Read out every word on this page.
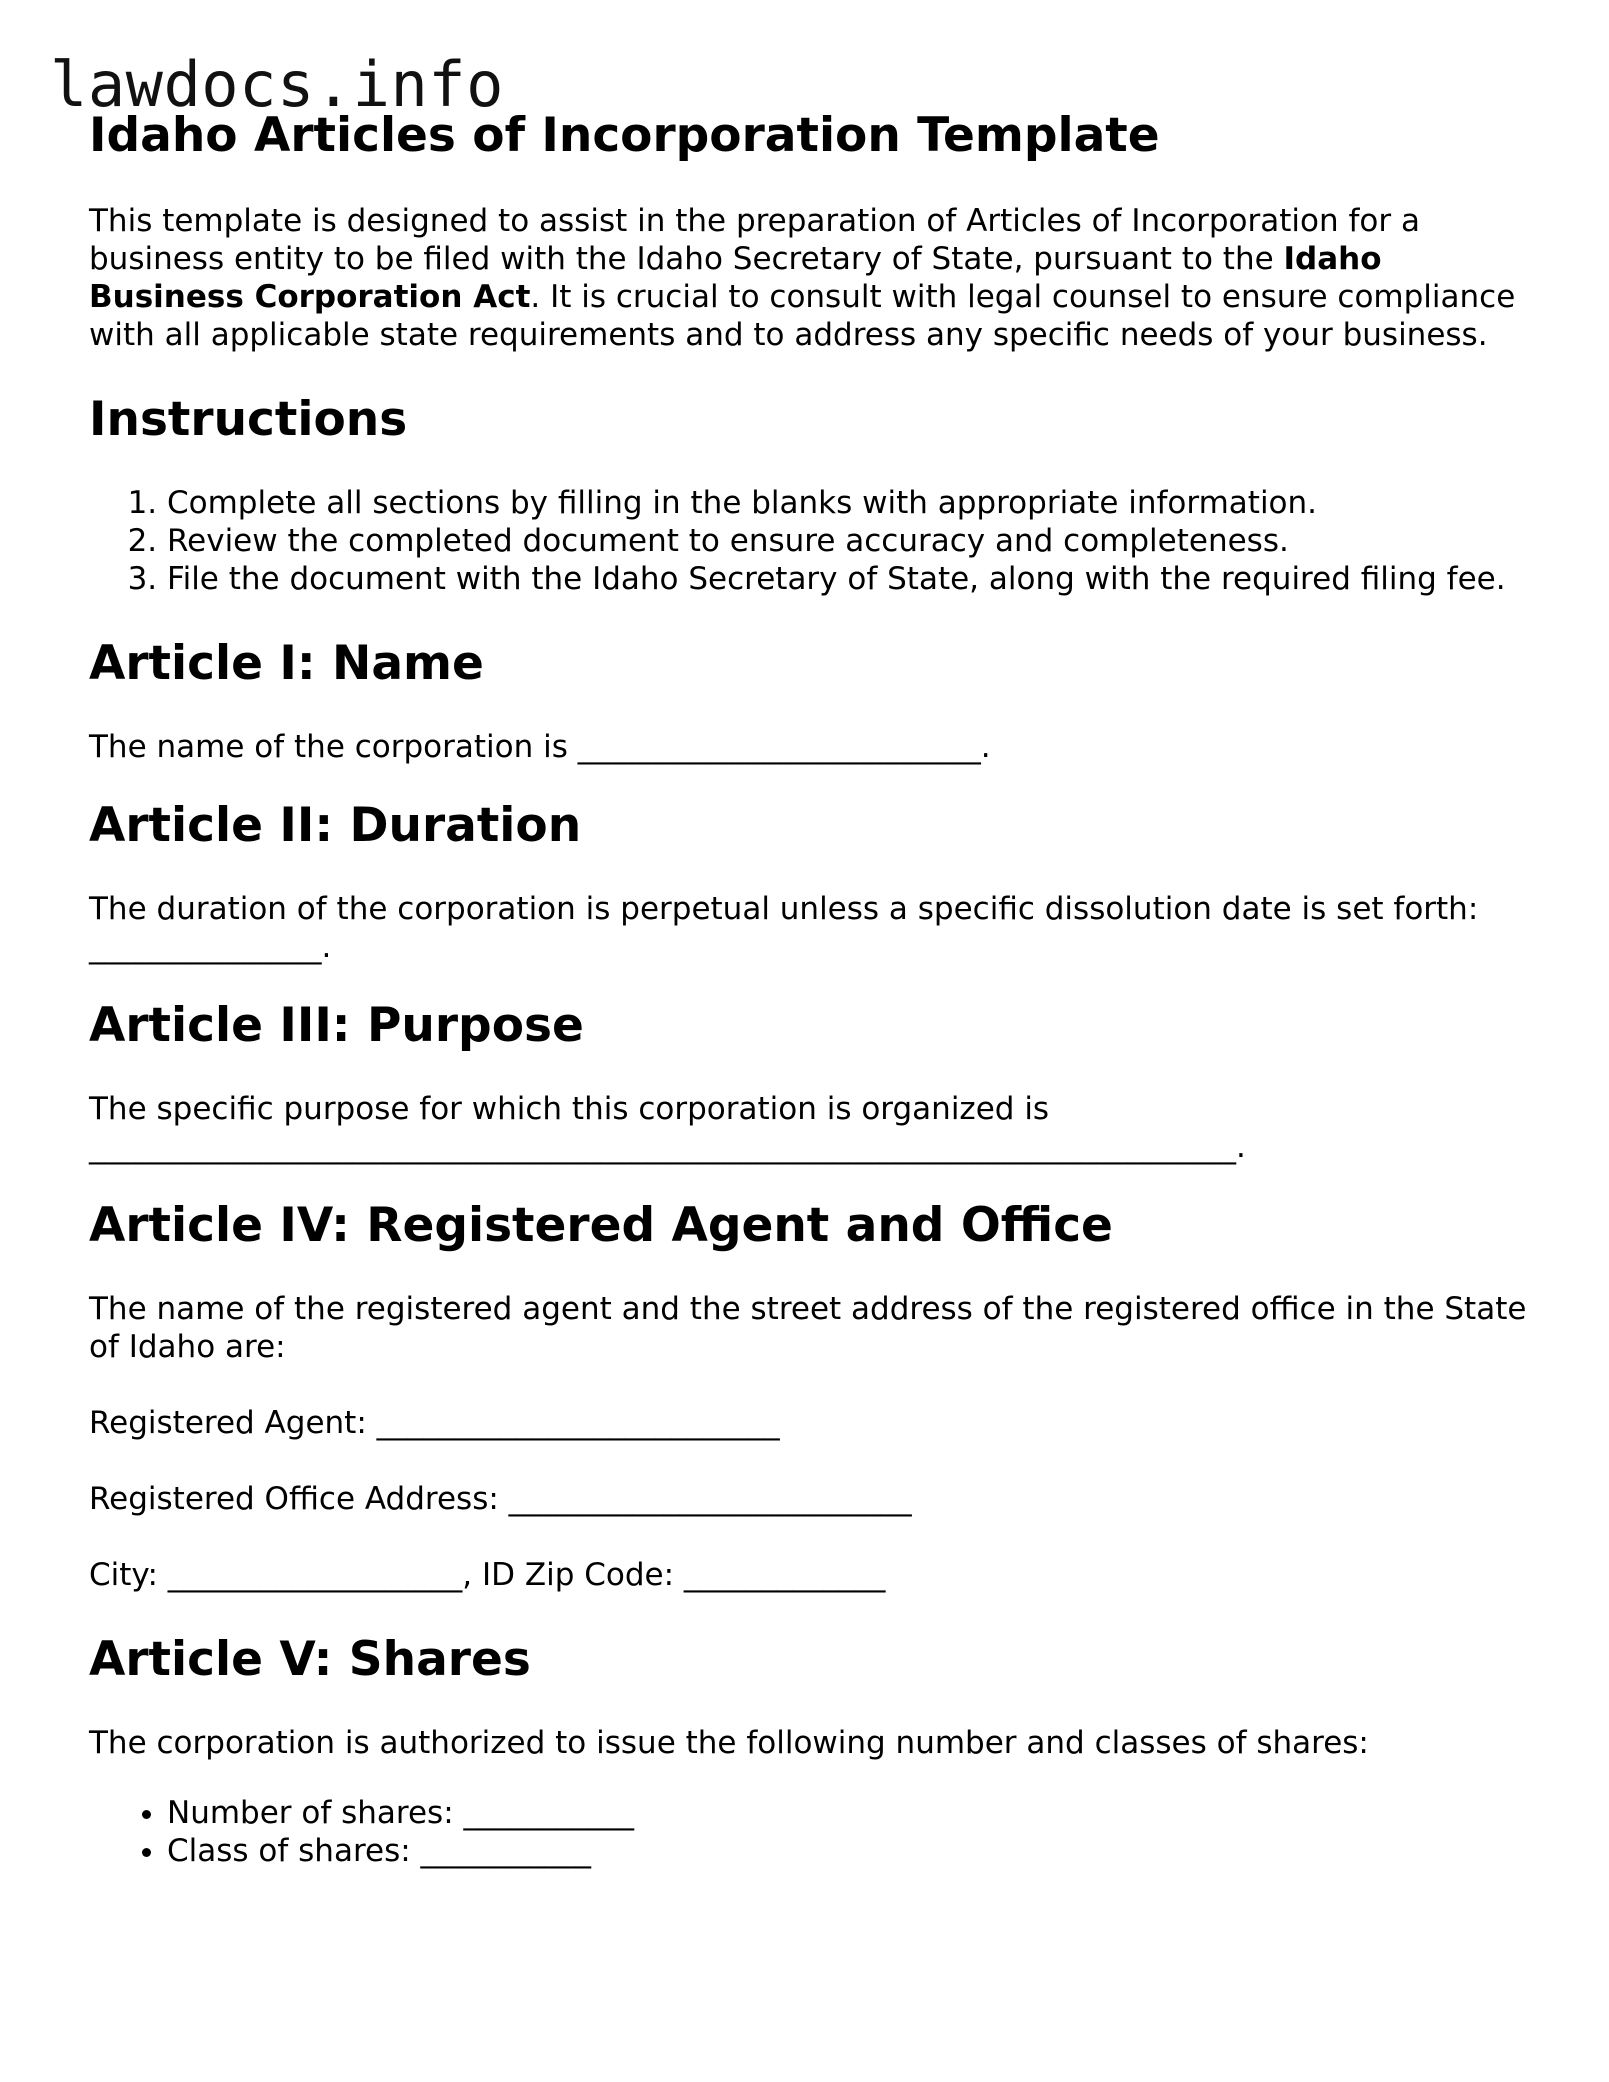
lawdocs.info
Idaho Articles of Incorporation Template

This template is designed to assist in the preparation of Articles of Incorporation for a business entity to be filed with the Idaho Secretary of State, pursuant to the Idaho Business Corporation Act. It is crucial to consult with legal counsel to ensure compliance with all applicable state requirements and to address any specific needs of your business.

Instructions
1. Complete all sections by filling in the blanks with appropriate information.
2. Review the completed document to ensure accuracy and completeness.
3. File the document with the Idaho Secretary of State, along with the required filing fee.
Article I: Name

The name of the corporation is __________________________.

Article II: Duration

The duration of the corporation is perpetual unless a specific dissolution date is set forth: _______________.

Article III: Purpose

The specific purpose for which this corporation is organized is __________________________________________________________________________.

Article IV: Registered Agent and Office

The name of the registered agent and the street address of the registered office in the State of Idaho are:

Registered Agent: __________________________

Registered Office Address: __________________________

City: ___________________, ID Zip Code: _____________

Article V: Shares

The corporation is authorized to issue the following number and classes of shares:

• Number of shares: ___________
• Class of shares: ___________
